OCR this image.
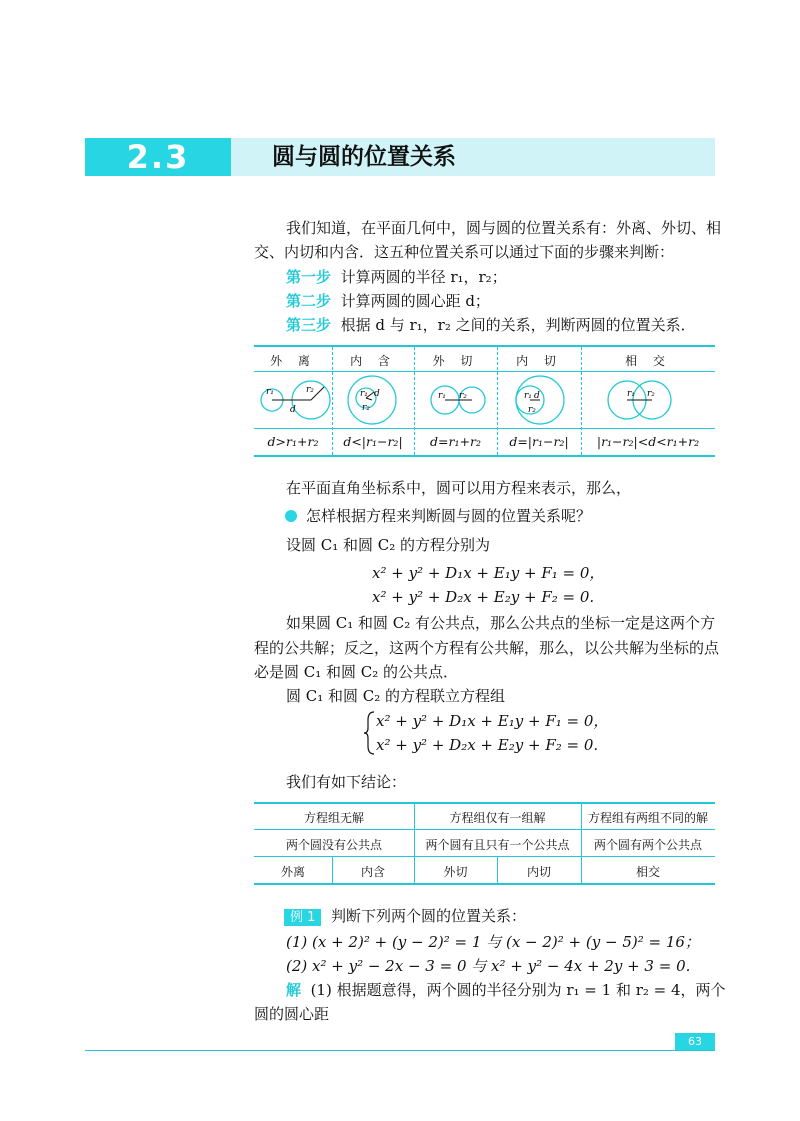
2.3	圆与圆的位置关系
我们知道，在平面几何中，圆与圆的位置关系有：外离、外切、相
交、内切和内含．这五种位置关系可以通过下面的步骤来判断：
第一步 计算两圆的半径 r₁，r₂；
第二步 计算两圆的圆心距 d；
第三步 根据 d 与 r₁，r₂ 之间的关系，判断两圆的位置关系．
外 离	内 含	外 切	内 切	相 交
r₁	r₂
d
r₁ d
r₂
r₁ r₂	r₁ d
r₂
r₁ r₂
d>r₁+r₂	d<|r₁−r₂|	d=r₁+r₂	d=|r₁−r₂|	|r₁−r₂|<d<r₁+r₂
在平面直角坐标系中，圆可以用方程来表示，那么，
怎样根据方程来判断圆与圆的位置关系呢？
设圆 C₁ 和圆 C₂ 的方程分别为
x² + y² + D₁x + E₁y + F₁ = 0，
x² + y² + D₂x + E₂y + F₂ = 0.
如果圆 C₁ 和圆 C₂ 有公共点，那么公共点的坐标一定是这两个方
程的公共解；反之，这两个方程有公共解，那么，以公共解为坐标的点
必是圆 C₁ 和圆 C₂ 的公共点．
圆 C₁ 和圆 C₂ 的方程联立方程组
x² + y² + D₁x + E₁y + F₁ = 0，
x² + y² + D₂x + E₂y + F₂ = 0.
我们有如下结论：
方程组无解	方程组仅有一组解	方程组有两组不同的解
两个圆没有公共点	两个圆有且只有一个公共点	两个圆有两个公共点
外离	内含	外切	内切	相交
例 1 判断下列两个圆的位置关系：
(1) (x + 2)² + (y − 2)² = 1 与 (x − 2)² + (y − 5)² = 16；
(2) x² + y² − 2x − 3 = 0 与 x² + y² − 4x + 2y + 3 = 0.
解 (1) 根据题意得，两个圆的半径分别为 r₁ = 1 和 r₂ = 4，两个
圆的圆心距
63
